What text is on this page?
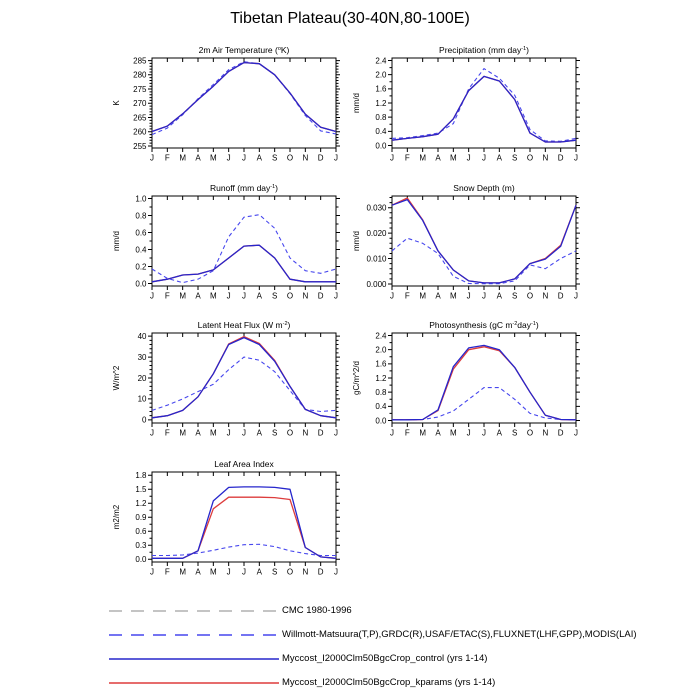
Tibetan Plateau(30-40N,80-100E)
2m Air Temperature ($^o$K)
J F M A M J J A S O N D J
255
260
265
270
275
280
285
K
Precipitation (mm day$^{-1}$)
J F M A M J J A S O N D J
0.0
0.4
0.8
1.2
1.6
2.0
2.4
mm/d
Runoff (mm day$^{-1}$)
J F M A M J J A S O N D J
0.0
0.2
0.4
0.6
0.8
1.0
mm/d
Snow Depth (m)
J F M A M J J A S O N D J
0.000
0.010
0.020
0.030
mm/d
Latent Heat Flux (W $m^{-2}$)
J F M A M J J A S O N D J
0
10
20
30
40
W/m^2
Photosynthesis (gC $m^{-2}day^{-1}$)
J F M A M J J A S O N D J
0.0
0.4
0.8
1.2
1.6
2.0
2.4
gC/m^2/d
Leaf Area Index
J F M A M J J A S O N D J
0.0
0.3
0.6
0.9
1.2
1.5
1.8
m2/m2
CMC 1980-1996
Willmott-Matsuura(T,P),GRDC(R),USAF/ETAC(S),FLUXNET(LHF,GPP),MODIS(LAI)
Myccost_I2000Clm50BgcCrop_control (yrs 1-14)
Myccost_I2000Clm50BgcCrop_kparams (yrs 1-14)
